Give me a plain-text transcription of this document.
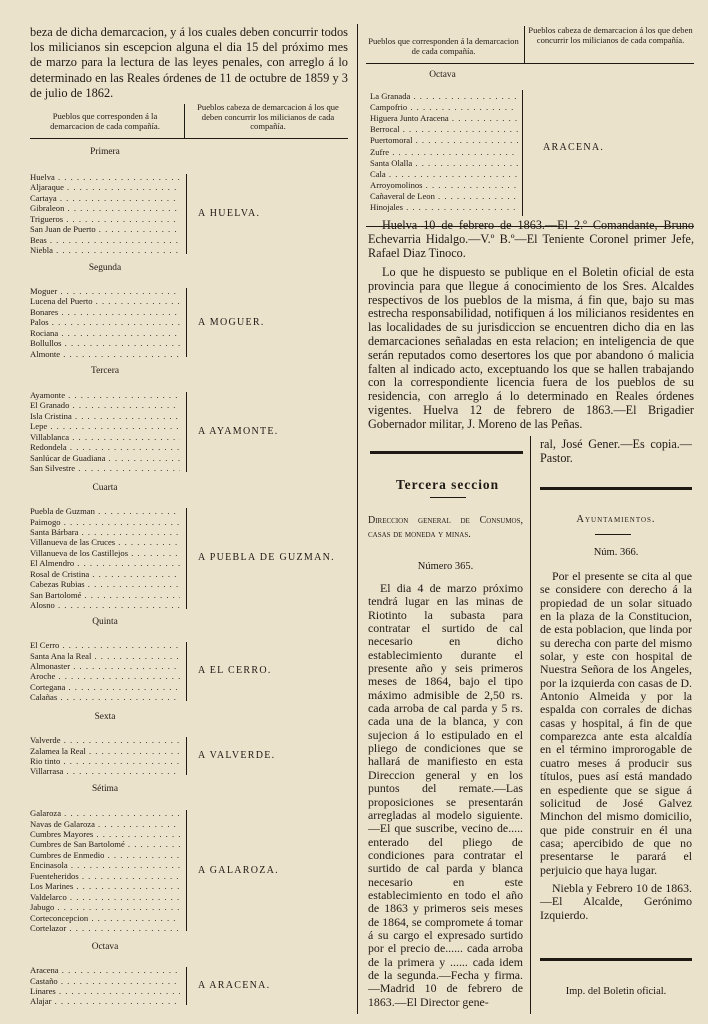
beza de dicha demarcacion, y á los cuales deben concurrir todos los milicianos sin escepcion alguna el dia 15 del próximo mes de marzo para la lectura de las leyes penales, con arreglo á lo determinado en las Reales órdenes de 11 de octubre de 1859 y 3 de julio de 1862.
Pueblos que corresponden á la demarcacion de cada compañía.
Pueblos cabeza de demarcacion á los que deben concurrir los milicianos de cada compañía.
Primera
Huelva . . .
Aljaraque . . .
Cartaya . . .
Gibraleon . . .
Trigueros . . .
San Juan de Puerto . . .
Beas . . .
Niebla . . .
A HUELVA.
Segunda
Moguer . . .
Lucena del Puerto . . .
Bonares . . .
Palos . . .
Rociana . . .
Bollullos . . .
Almonte . . .
A MOGUER.
Tercera
Ayamonte . . .
El Granado . . .
Isla Cristina . . .
Lepe . . .
Villablanca . . .
Redondela . . .
Sanlúcar de Guadiana . . .
San Silvestre . . .
A AYAMONTE.
Cuarta
Puebla de Guzman . . .
Paimogo . . .
Santa Bárbara . . .
Villanueva de las Cruces . . .
Villanueva de los Castillejos . . .
El Almendro . . .
Rosal de Cristina . . .
Cabezas Rubias . . .
San Bartolomé . . .
Alosno . . .
A PUEBLA DE GUZMAN.
Quinta
El Cerro . . .
Santa Ana la Real . . .
Almonaster . . .
Aroche . . .
Cortegana . . .
Calañas . . .
A EL CERRO.
Sexta
Valverde . . .
Zalamea la Real . . .
Rio tinto . . .
Villarrasa . . .
A VALVERDE.
Sétima
Galaroza . . .
Navas de Galaroza . . .
Cumbres Mayores . . .
Cumbres de San Bartolomé . . .
Cumbres de Enmedio . . .
Encinasola . . .
Fuenteheridos . . .
Los Marines . . .
Valdelarco . . .
Jabugo . . .
Corteconcepcion . . .
Cortelazor . . .
A GALAROZA.
Octava
Aracena . . .
Castaño . . .
Linares . . .
Alajar . . .
A ARACENA.
Pueblos que corresponden á la demarcacion de cada compañía.
Pueblos cabeza de demarcacion á los que deben concurrir los milicianos de cada compañía.
Octava
La Granada . . .
Campofrio . . .
Higuera Junto Aracena . . .
Berrocal . . .
Puertomoral . . .
Zufre . . .
Santa Olalla . . .
Cala . . .
Arroyomolinos . . .
Cañaveral de Leon . . .
Hinojales . . .
ARACENA.
Huelva 10 de febrero de 1863.—El 2.º Comandante, Bruno Echevarria Hidalgo.—V.º B.º—El Teniente Coronel primer Jefe, Rafael Diaz Tinoco.
Lo que he dispuesto se publique en el Boletin oficial de esta provincia para que llegue á conocimiento de los Sres. Alcaldes respectivos de los pueblos de la misma, á fin que, bajo su mas estrecha responsabilidad, notifiquen á los milicianos residentes en las localidades de su jurisdiccion se encuentren dicho dia en las demarcaciones señaladas en esta relacion; en inteligencia de que serán reputados como desertores los que por abandono ó malicia falten al indicado acto, exceptuando los que se hallen trabajando con la correspondiente licencia fuera de los pueblos de su residencia, con arreglo á lo determinado en Reales órdenes vigentes. Huelva 12 de febrero de 1863.—El Brigadier Gobernador militar, J. Moreno de las Peñas.
Tercera seccion
Direccion general de Consumos, casas de moneda y minas.
Número 365.
El dia 4 de marzo próximo tendrá lugar en las minas de Riotinto la subasta para contratar el surtido de cal necesario en dicho establecimiento durante el presente año y seis primeros meses de 1864, bajo el tipo máximo admisible de 2,50 rs. cada arroba de cal parda y 5 rs. cada una de la blanca, y con sujecion á lo estipulado en el pliego de condiciones que se hallará de manifiesto en esta Direccion general y en los puntos del remate.—Las proposiciones se presentarán arregladas al modelo siguiente.—El que suscribe, vecino de..... enterado del pliego de condiciones para contratar el surtido de cal parda y blanca necesario en este establecimiento en todo el año de 1863 y primeros seis meses de 1864, se compromete á tomar á su cargo el expresado surtido por el precio de...... cada arroba de la primera y ...... cada idem de la segunda.—Fecha y firma.—Madrid 10 de febrero de 1863.—El Director gene-
ral, José Gener.—Es copia.—Pastor.
Ayuntamientos.
Núm. 366.
Por el presente se cita al que se considere con derecho á la propiedad de un solar situado en la plaza de la Constitucion, de esta poblacion, que linda por su derecha con parte del mismo solar, y este con hospital de Nuestra Señora de los Angeles, por la izquierda con casas de D. Antonio Almeida y por la espalda con corrales de dichas casas y hospital, á fin de que comparezca ante esta alcaldía en el término improrogable de cuatro meses á producir sus títulos, pues así está mandado en espediente que se sigue á solicitud de José Galvez Minchon del mismo domicilio, que pide construir en él una casa; apercibido de que no presentarse le parará el perjuicio que haya lugar.
Niebla y Febrero 10 de 1863.—El Alcalde, Gerónimo Izquierdo.
Imp. del Boletin oficial.
